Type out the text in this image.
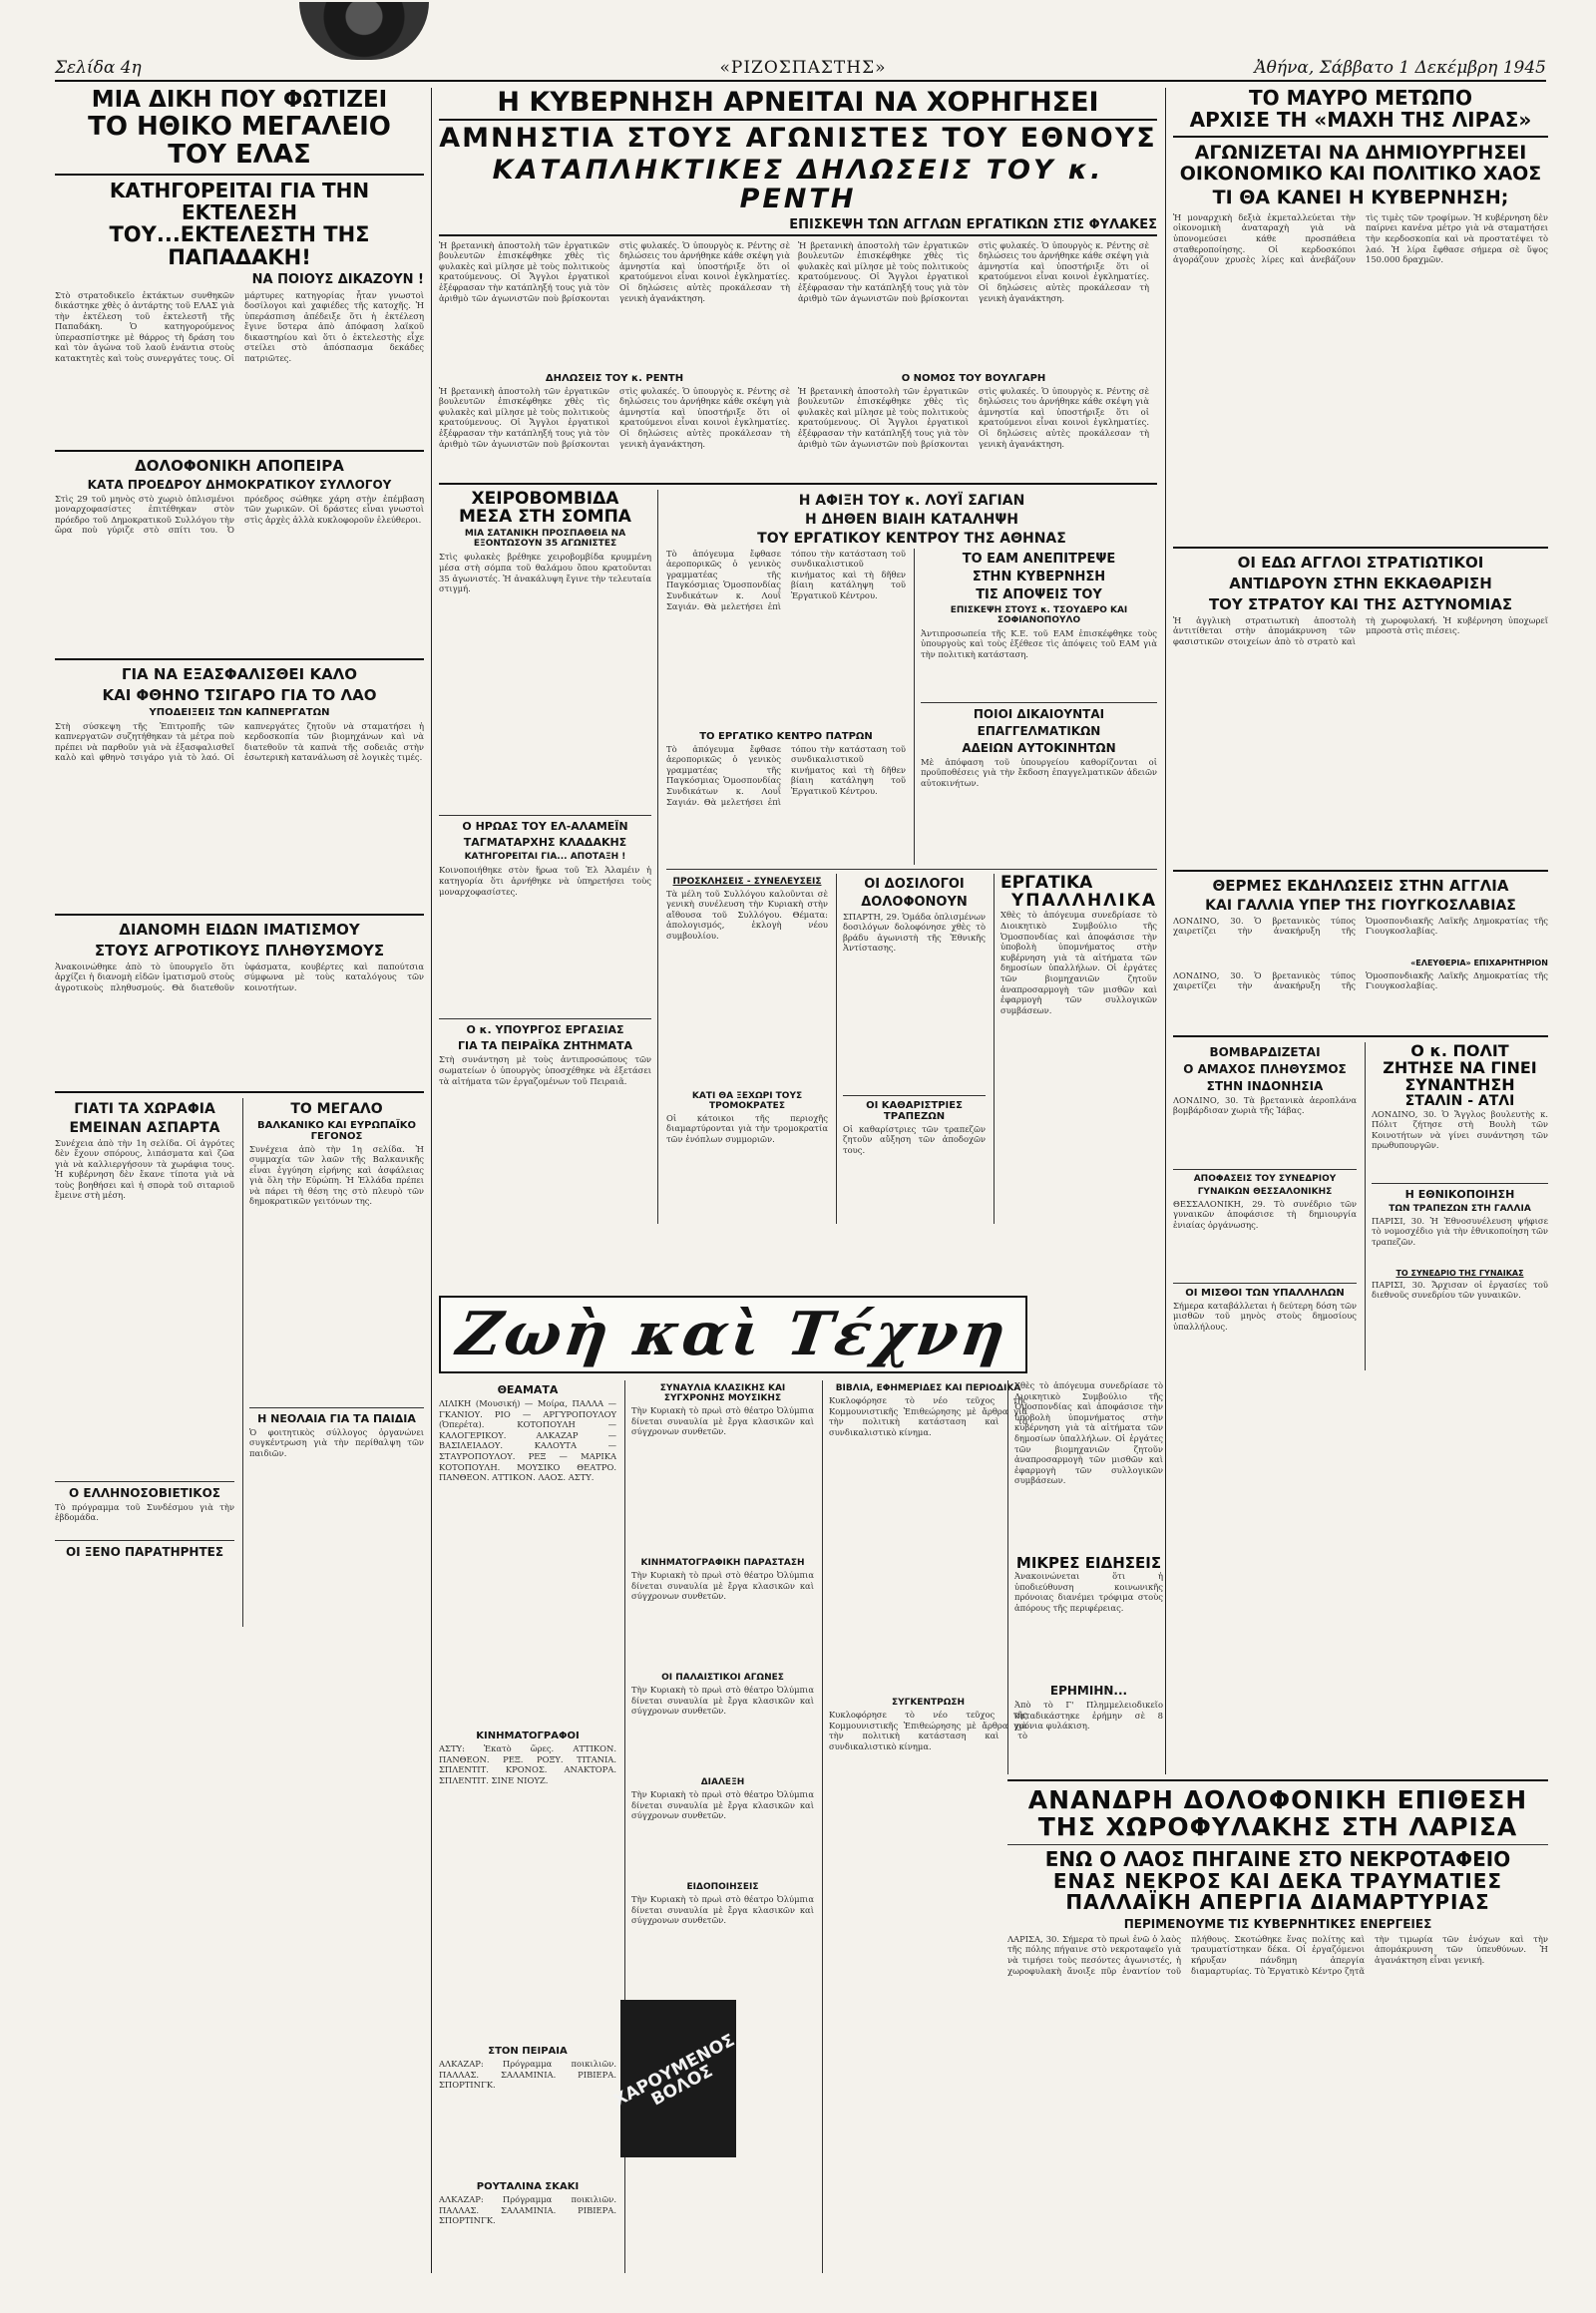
Σελίδα 4η	«ΡΙΖΟΣΠΑΣΤΗΣ»	Ἀθήνα, Σάββατο 1 Δεκέμβρη 1945
ΜΙΑ ΔΙΚΗ ΠΟΥ ΦΩΤΙΖΕΙ
ΤΟ ΗΘΙΚΟ ΜΕΓΑΛΕΙΟ ΤΟΥ ΕΛΑΣ
ΚΑΤΗΓΟΡΕΙΤΑΙ ΓΙΑ ΤΗΝ ΕΚΤΕΛΕΣΗ
ΤΟΥ...ΕΚΤΕΛΕΣΤΗ ΤΗΣ ΠΑΠΑΔΑΚΗ!
ΝΑ ΠΟΙΟΥΣ ΔΙΚΑΖΟΥΝ !
Στὸ στρατοδικεῖο ἐκτάκτων συνθηκῶν δικάστηκε χθὲς ὁ ἀντάρτης τοῦ ΕΛΑΣ γιὰ τὴν ἐκτέλεση τοῦ ἐκτελεστῆ τῆς Παπαδάκη. Ὁ κατηγορούμενος ὑπερασπίστηκε μὲ θάρρος τὴ δράση του καὶ τὸν ἀγώνα τοῦ λαοῦ ἐνάντια στοὺς κατακτητὲς καὶ τοὺς συνεργάτες τους. Οἱ μάρτυρες κατηγορίας ἦταν γνωστοὶ δοσίλογοι καὶ χαφιέδες τῆς κατοχῆς. Ἡ ὑπεράσπιση ἀπέδειξε ὅτι ἡ ἐκτέλεση ἔγινε ὕστερα ἀπὸ ἀπόφαση λαϊκοῦ δικαστηρίου καὶ ὅτι ὁ ἐκτελεστὴς εἶχε στείλει στὸ ἀπόσπασμα δεκάδες πατριῶτες.
ΔΟΛΟΦΟΝΙΚΗ ΑΠΟΠΕΙΡΑ
ΚΑΤΑ ΠΡΟΕΔΡΟΥ ΔΗΜΟΚΡΑΤΙΚΟΥ ΣΥΛΛΟΓΟΥ
Στὶς 29 τοῦ μηνὸς στὸ χωριὸ ὁπλισμένοι μοναρχοφασίστες ἐπιτέθηκαν στὸν πρόεδρο τοῦ Δημοκρατικοῦ Συλλόγου τὴν ὥρα ποὺ γύριζε στὸ σπίτι του. Ὁ πρόεδρος σώθηκε χάρη στὴν ἐπέμβαση τῶν χωρικῶν. Οἱ δράστες εἶναι γνωστοὶ στὶς ἀρχὲς ἀλλὰ κυκλοφοροῦν ἐλεύθεροι.
ΓΙΑ ΝΑ ΕΞΑΣΦΑΛΙΣΘΕΙ ΚΑΛΟ
ΚΑΙ ΦΘΗΝΟ ΤΣΙΓΑΡΟ ΓΙΑ ΤΟ ΛΑΟ
ΥΠΟΔΕΙΞΕΙΣ ΤΩΝ ΚΑΠΝΕΡΓΑΤΩΝ
Στὴ σύσκεψη τῆς Ἐπιτροπῆς τῶν καπνεργατῶν συζητήθηκαν τὰ μέτρα ποὺ πρέπει νὰ παρθοῦν γιὰ νὰ ἐξασφαλισθεῖ καλὸ καὶ φθηνὸ τσιγάρο γιὰ τὸ λαό. Οἱ καπνεργάτες ζητοῦν νὰ σταματήσει ἡ κερδοσκοπία τῶν βιομηχάνων καὶ νὰ διατεθοῦν τὰ καπνὰ τῆς σοδειᾶς στὴν ἐσωτερικὴ κατανάλωση σὲ λογικὲς τιμές.
ΔΙΑΝΟΜΗ ΕΙΔΩΝ ΙΜΑΤΙΣΜΟΥ
ΣΤΟΥΣ ΑΓΡΟΤΙΚΟΥΣ ΠΛΗΘΥΣΜΟΥΣ
Ἀνακοινώθηκε ἀπὸ τὸ ὑπουργεῖο ὅτι ἀρχίζει ἡ διανομὴ εἰδῶν ἱματισμοῦ στοὺς ἀγροτικοὺς πληθυσμούς. Θὰ διατεθοῦν ὑφάσματα, κουβέρτες καὶ παπούτσια σύμφωνα μὲ τοὺς καταλόγους τῶν κοινοτήτων.
ΓΙΑΤΙ ΤΑ ΧΩΡΑΦΙΑ
ΕΜΕΙΝΑΝ ΑΣΠΑΡΤΑ
Συνέχεια ἀπὸ τὴν 1η σελίδα. Οἱ ἀγρότες δὲν ἔχουν σπόρους, λιπάσματα καὶ ζῶα γιὰ νὰ καλλιεργήσουν τὰ χωράφια τους. Ἡ κυβέρνηση δὲν ἔκανε τίποτα γιὰ νὰ τοὺς βοηθήσει καὶ ἡ σπορὰ τοῦ σιταριοῦ ἔμεινε στὴ μέση.
Ο ΕΛΛΗΝΟΣΟΒΙΕΤΙΚΟΣ
Τὸ πρόγραμμα τοῦ Συνδέσμου γιὰ τὴν ἑβδομάδα.
ΟΙ ΞΕΝΟ ΠΑΡΑΤΗΡΗΤΕΣ
ΤΟ ΜΕΓΑΛΟ
ΒΑΛΚΑΝΙΚΟ ΚΑΙ ΕΥΡΩΠΑΪΚΟ ΓΕΓΟΝΟΣ
Συνέχεια ἀπὸ τὴν 1η σελίδα. Ἡ συμμαχία τῶν λαῶν τῆς Βαλκανικῆς εἶναι ἐγγύηση εἰρήνης καὶ ἀσφάλειας γιὰ ὅλη τὴν Εὐρώπη. Ἡ Ἑλλάδα πρέπει νὰ πάρει τὴ θέση της στὸ πλευρὸ τῶν δημοκρατικῶν γειτόνων της.
Η ΝΕΟΛΑΙΑ ΓΙΑ ΤΑ ΠΑΙΔΙΑ
Ὁ φοιτητικὸς σύλλογος ὀργανώνει συγκέντρωση γιὰ τὴν περίθαλψη τῶν παιδιῶν.
Η ΚΥΒΕΡΝΗΣΗ ΑΡΝΕΙΤΑΙ ΝΑ ΧΟΡΗΓΗΣΕΙ
ΑΜΝΗΣΤΙΑ ΣΤΟΥΣ ΑΓΩΝΙΣΤΕΣ ΤΟΥ ΕΘΝΟΥΣ
ΚΑΤΑΠΛΗΚΤΙΚΕΣ ΔΗΛΩΣΕΙΣ ΤΟΥ κ. ΡΕΝΤΗ
ΕΠΙΣΚΕΨΗ ΤΩΝ ΑΓΓΛΩΝ ΕΡΓΑΤΙΚΩΝ ΣΤΙΣ ΦΥΛΑΚΕΣ
Ἡ βρετανικὴ ἀποστολὴ τῶν ἐργατικῶν βουλευτῶν ἐπισκέφθηκε χθὲς τὶς φυλακὲς καὶ μίλησε μὲ τοὺς πολιτικοὺς κρατούμενους. Οἱ Ἄγγλοι ἐργατικοὶ ἐξέφρασαν τὴν κατάπληξή τους γιὰ τὸν ἀριθμὸ τῶν ἀγωνιστῶν ποὺ βρίσκονται στὶς φυλακές. Ὁ ὑπουργὸς κ. Ρέντης σὲ δηλώσεις του ἀρνήθηκε κάθε σκέψη γιὰ ἀμνηστία καὶ ὑποστήριξε ὅτι οἱ κρατούμενοι εἶναι κοινοὶ ἐγκληματίες. Οἱ δηλώσεις αὐτὲς προκάλεσαν τὴ γενικὴ ἀγανάκτηση.
ΔΗΛΩΣΕΙΣ ΤΟΥ κ. ΡΕΝΤΗ
Ἡ βρετανικὴ ἀποστολὴ τῶν ἐργατικῶν βουλευτῶν ἐπισκέφθηκε χθὲς τὶς φυλακὲς καὶ μίλησε μὲ τοὺς πολιτικοὺς κρατούμενους. Οἱ Ἄγγλοι ἐργατικοὶ ἐξέφρασαν τὴν κατάπληξή τους γιὰ τὸν ἀριθμὸ τῶν ἀγωνιστῶν ποὺ βρίσκονται στὶς φυλακές. Ὁ ὑπουργὸς κ. Ρέντης σὲ δηλώσεις του ἀρνήθηκε κάθε σκέψη γιὰ ἀμνηστία καὶ ὑποστήριξε ὅτι οἱ κρατούμενοι εἶναι κοινοὶ ἐγκληματίες. Οἱ δηλώσεις αὐτὲς προκάλεσαν τὴ γενικὴ ἀγανάκτηση.
Ἡ βρετανικὴ ἀποστολὴ τῶν ἐργατικῶν βουλευτῶν ἐπισκέφθηκε χθὲς τὶς φυλακὲς καὶ μίλησε μὲ τοὺς πολιτικοὺς κρατούμενους. Οἱ Ἄγγλοι ἐργατικοὶ ἐξέφρασαν τὴν κατάπληξή τους γιὰ τὸν ἀριθμὸ τῶν ἀγωνιστῶν ποὺ βρίσκονται στὶς φυλακές. Ὁ ὑπουργὸς κ. Ρέντης σὲ δηλώσεις του ἀρνήθηκε κάθε σκέψη γιὰ ἀμνηστία καὶ ὑποστήριξε ὅτι οἱ κρατούμενοι εἶναι κοινοὶ ἐγκληματίες. Οἱ δηλώσεις αὐτὲς προκάλεσαν τὴ γενικὴ ἀγανάκτηση.
Ο ΝΟΜΟΣ ΤΟΥ ΒΟΥΛΓΑΡΗ
Ἡ βρετανικὴ ἀποστολὴ τῶν ἐργατικῶν βουλευτῶν ἐπισκέφθηκε χθὲς τὶς φυλακὲς καὶ μίλησε μὲ τοὺς πολιτικοὺς κρατούμενους. Οἱ Ἄγγλοι ἐργατικοὶ ἐξέφρασαν τὴν κατάπληξή τους γιὰ τὸν ἀριθμὸ τῶν ἀγωνιστῶν ποὺ βρίσκονται στὶς φυλακές. Ὁ ὑπουργὸς κ. Ρέντης σὲ δηλώσεις του ἀρνήθηκε κάθε σκέψη γιὰ ἀμνηστία καὶ ὑποστήριξε ὅτι οἱ κρατούμενοι εἶναι κοινοὶ ἐγκληματίες. Οἱ δηλώσεις αὐτὲς προκάλεσαν τὴ γενικὴ ἀγανάκτηση.
ΧΕΙΡΟΒΟΜΒΙΔΑ
ΜΕΣΑ ΣΤΗ ΣΟΜΠΑ
ΜΙΑ ΣΑΤΑΝΙΚΗ ΠΡΟΣΠΑΘΕΙΑ ΝΑ ΕΞΟΝΤΩΣΟΥΝ 35 ΑΓΩΝΙΣΤΕΣ
Στὶς φυλακὲς βρέθηκε χειροβομβίδα κρυμμένη μέσα στὴ σόμπα τοῦ θαλάμου ὅπου κρατοῦνται 35 ἀγωνιστές. Ἡ ἀνακάλυψη ἔγινε τὴν τελευταία στιγμή.
Ο ΗΡΩΑΣ ΤΟΥ ΕΛ-ΑΛΑΜΕΪΝ
ΤΑΓΜΑΤΑΡΧΗΣ ΚΛΑΔΑΚΗΣ
ΚΑΤΗΓΟΡΕΙΤΑΙ ΓΙΑ... ΑΠΟΤΑΞΗ !
Κοινοποιήθηκε στὸν ἥρωα τοῦ Ἐλ Ἀλαμέιν ἡ κατηγορία ὅτι ἀρνήθηκε νὰ ὑπηρετήσει τοὺς μοναρχοφασίστες.
Ο κ. ΥΠΟΥΡΓΟΣ ΕΡΓΑΣΙΑΣ
ΓΙΑ ΤΑ ΠΕΙΡΑΪΚΑ ΖΗΤΗΜΑΤΑ
Στὴ συνάντηση μὲ τοὺς ἀντιπροσώπους τῶν σωματείων ὁ ὑπουργὸς ὑποσχέθηκε νὰ ἐξετάσει τὰ αἰτήματα τῶν ἐργαζομένων τοῦ Πειραιᾶ.
Η ΑΦΙΞΗ ΤΟΥ κ. ΛΟΥΪ ΣΑΓΙΑΝ
Η ΔΗΘΕΝ ΒΙΑΙΗ ΚΑΤΑΛΗΨΗ
ΤΟΥ ΕΡΓΑΤΙΚΟΥ ΚΕΝΤΡΟΥ ΤΗΣ ΑΘΗΝΑΣ
Τὸ ἀπόγευμα ἔφθασε ἀεροπορικῶς ὁ γενικὸς γραμματέας τῆς Παγκόσμιας Ὁμοσπονδίας Συνδικάτων κ. Λουΐ Σαγιάν. Θὰ μελετήσει ἐπὶ τόπου τὴν κατάσταση τοῦ συνδικαλιστικοῦ κινήματος καὶ τὴ δῆθεν βίαιη κατάληψη τοῦ Ἐργατικοῦ Κέντρου.
ΤΟ ΕΡΓΑΤΙΚΟ ΚΕΝΤΡΟ ΠΑΤΡΩΝ
Τὸ ἀπόγευμα ἔφθασε ἀεροπορικῶς ὁ γενικὸς γραμματέας τῆς Παγκόσμιας Ὁμοσπονδίας Συνδικάτων κ. Λουΐ Σαγιάν. Θὰ μελετήσει ἐπὶ τόπου τὴν κατάσταση τοῦ συνδικαλιστικοῦ κινήματος καὶ τὴ δῆθεν βίαιη κατάληψη τοῦ Ἐργατικοῦ Κέντρου.
ΤΟ ΕΑΜ ΑΝΕΠΙΤΡΕΨΕ
ΣΤΗΝ ΚΥΒΕΡΝΗΣΗ
ΤΙΣ ΑΠΟΨΕΙΣ ΤΟΥ
ΕΠΙΣΚΕΨΗ ΣΤΟΥΣ κ. ΤΣΟΥΔΕΡΟ ΚΑΙ ΣΟΦΙΑΝΟΠΟΥΛΟ
Ἀντιπροσωπεία τῆς Κ.Ε. τοῦ ΕΑΜ ἐπισκέφθηκε τοὺς ὑπουργοὺς καὶ τοὺς ἐξέθεσε τὶς ἀπόψεις τοῦ ΕΑΜ γιὰ τὴν πολιτικὴ κατάσταση.
ΠΟΙΟΙ ΔΙΚΑΙΟΥΝΤΑΙ
ΕΠΑΓΓΕΛΜΑΤΙΚΩΝ
ΑΔΕΙΩΝ ΑΥΤΟΚΙΝΗΤΩΝ
Μὲ ἀπόφαση τοῦ ὑπουργείου καθορίζονται οἱ προϋποθέσεις γιὰ τὴν ἔκδοση ἐπαγγελματικῶν ἀδειῶν αὐτοκινήτων.
ΠΡΟΣΚΛΗΣΕΙΣ - ΣΥΝΕΛΕΥΣΕΙΣ
Τὰ μέλη τοῦ Συλλόγου καλοῦνται σὲ γενικὴ συνέλευση τὴν Κυριακὴ στὴν αἴθουσα τοῦ Συλλόγου. Θέματα: ἀπολογισμός, ἐκλογὴ νέου συμβουλίου.
ΚΑΤΙ ΘΑ ΞΕΧΩΡΙ ΤΟΥΣ ΤΡΟΜΟΚΡΑΤΕΣ
Οἱ κάτοικοι τῆς περιοχῆς διαμαρτύρονται γιὰ τὴν τρομοκρατία τῶν ἐνόπλων συμμοριῶν.
ΟΙ ΔΟΣΙΛΟΓΟΙ
ΔΟΛΟΦΟΝΟΥΝ
ΣΠΑΡΤΗ, 29. Ὁμάδα ὁπλισμένων δοσιλόγων δολοφόνησε χθὲς τὸ βράδυ ἀγωνιστὴ τῆς Ἐθνικῆς Ἀντίστασης.
ΟΙ ΚΑΘΑΡΙΣΤΡΙΕΣ ΤΡΑΠΕΖΩΝ
Οἱ καθαρίστριες τῶν τραπεζῶν ζητοῦν αὔξηση τῶν ἀποδοχῶν τους.
ΕΡΓΑΤΙΚΑ
ΥΠΑΛΛΗΛΙΚΑ
Χθὲς τὸ ἀπόγευμα συνεδρίασε τὸ Διοικητικὸ Συμβούλιο τῆς Ὁμοσπονδίας καὶ ἀποφάσισε τὴν ὑποβολὴ ὑπομνήματος στὴν κυβέρνηση γιὰ τὰ αἰτήματα τῶν δημοσίων ὑπαλλήλων. Οἱ ἐργάτες τῶν βιομηχανιῶν ζητοῦν ἀναπροσαρμογὴ τῶν μισθῶν καὶ ἐφαρμογὴ τῶν συλλογικῶν συμβάσεων.
Ζωὴ καὶ Τέχνη
ΘΕΑΜΑΤΑ
ΛΙΛΙΚΗ (Μουσική) — Μοίρα, ΠΑΛΛΑ — ΓΚΑΝΙΟΥ. ΡΙΟ — ΑΡΓΥΡΟΠΟΥΛΟΥ (Ὀπερέτα). ΚΟΤΟΠΟΥΛΗ — ΚΑΛΟΓΕΡΙΚΟΥ. ΑΛΚΑΖΑΡ — ΒΑΣΙΛΕΙΑΔΟΥ. ΚΑΛΟΥΤΑ — ΣΤΑΥΡΟΠΟΥΛΟΥ. ΡΕΞ — ΜΑΡΙΚΑ ΚΟΤΟΠΟΥΛΗ. ΜΟΥΣΙΚΟ ΘΕΑΤΡΟ. ΠΑΝΘΕΟΝ. ΑΤΤΙΚΟΝ. ΛΑΟΣ. ΑΣΤΥ.
ΚΙΝΗΜΑΤΟΓΡΑΦΟΙ
ΑΣΤΥ: Ἑκατὸ ὥρες. ΑΤΤΙΚΟΝ. ΠΑΝΘΕΟΝ. ΡΕΞ. ΡΟΞΥ. ΤΙΤΑΝΙΑ. ΣΠΛΕΝΤΙΤ. ΚΡΟΝΟΣ. ΑΝΑΚΤΟΡΑ. ΣΠΛΕΝΤΙΤ. ΣΙΝΕ ΝΙΟΥΖ.
ΣΤΟΝ ΠΕΙΡΑΙΑ
ΑΛΚΑΖΑΡ: Πρόγραμμα ποικιλιῶν. ΠΑΛΛΑΣ. ΣΑΛΑΜΙΝΙΑ. ΡΙΒΙΕΡΑ. ΣΠΟΡΤΙΝΓΚ.
ΡΟΥΤΑΛΙΝΑ ΣΚΑΚΙ
ΑΛΚΑΖΑΡ: Πρόγραμμα ποικιλιῶν. ΠΑΛΛΑΣ. ΣΑΛΑΜΙΝΙΑ. ΡΙΒΙΕΡΑ. ΣΠΟΡΤΙΝΓΚ.
ΣΥΝΑΥΛΙΑ ΚΛΑΣΙΚΗΣ ΚΑΙ ΣΥΓΧΡΟΝΗΣ ΜΟΥΣΙΚΗΣ
Τὴν Κυριακὴ τὸ πρωὶ στὸ θέατρο Ὀλύμπια δίνεται συναυλία μὲ ἔργα κλασικῶν καὶ σύγχρονων συνθετῶν.
ΚΙΝΗΜΑΤΟΓΡΑΦΙΚΗ ΠΑΡΑΣΤΑΣΗ
Τὴν Κυριακὴ τὸ πρωὶ στὸ θέατρο Ὀλύμπια δίνεται συναυλία μὲ ἔργα κλασικῶν καὶ σύγχρονων συνθετῶν.
ΟΙ ΠΑΛΑΙΣΤΙΚΟΙ ΑΓΩΝΕΣ
Τὴν Κυριακὴ τὸ πρωὶ στὸ θέατρο Ὀλύμπια δίνεται συναυλία μὲ ἔργα κλασικῶν καὶ σύγχρονων συνθετῶν.
ΔΙΑΛΕΞΗ
Τὴν Κυριακὴ τὸ πρωὶ στὸ θέατρο Ὀλύμπια δίνεται συναυλία μὲ ἔργα κλασικῶν καὶ σύγχρονων συνθετῶν.
ΕΙΔΟΠΟΙΗΣΕΙΣ
Τὴν Κυριακὴ τὸ πρωὶ στὸ θέατρο Ὀλύμπια δίνεται συναυλία μὲ ἔργα κλασικῶν καὶ σύγχρονων συνθετῶν.
ΒΙΒΛΙΑ, ΕΦΗΜΕΡΙΔΕΣ ΚΑΙ ΠΕΡΙΟΔΙΚΑ
Κυκλοφόρησε τὸ νέο τεῦχος τῆς Κομμουνιστικῆς Ἐπιθεώρησης μὲ ἄρθρα γιὰ τὴν πολιτικὴ κατάσταση καὶ τὸ συνδικαλιστικὸ κίνημα.
ΣΥΓΚΕΝΤΡΩΣΗ
Κυκλοφόρησε τὸ νέο τεῦχος τῆς Κομμουνιστικῆς Ἐπιθεώρησης μὲ ἄρθρα γιὰ τὴν πολιτικὴ κατάσταση καὶ τὸ συνδικαλιστικὸ κίνημα.
ΧΑΡΟΥΜΕΝΟΣ ΒΟΛΟΣ
ΤΟ ΜΑΥΡΟ ΜΕΤΩΠΟ
ΑΡΧΙΣΕ ΤΗ «ΜΑΧΗ ΤΗΣ ΛΙΡΑΣ»
ΑΓΩΝΙΖΕΤΑΙ ΝΑ ΔΗΜΙΟΥΡΓΗΣΕΙ
ΟΙΚΟΝΟΜΙΚΟ ΚΑΙ ΠΟΛΙΤΙΚΟ ΧΑΟΣ
ΤΙ ΘΑ ΚΑΝΕΙ Η ΚΥΒΕΡΝΗΣΗ;
Ἡ μοναρχικὴ δεξιὰ ἐκμεταλλεύεται τὴν οἰκονομικὴ ἀναταραχὴ γιὰ νὰ ὑπονομεύσει κάθε προσπάθεια σταθεροποίησης. Οἱ κερδοσκόποι ἀγοράζουν χρυσὲς λίρες καὶ ἀνεβάζουν τὶς τιμὲς τῶν τροφίμων. Ἡ κυβέρνηση δὲν παίρνει κανένα μέτρο γιὰ νὰ σταματήσει τὴν κερδοσκοπία καὶ νὰ προστατέψει τὸ λαό. Ἡ λίρα ἔφθασε σήμερα σὲ ὕψος 150.000 δραχμῶν.
ΟΙ ΕΔΩ ΑΓΓΛΟΙ ΣΤΡΑΤΙΩΤΙΚΟΙ
ΑΝΤΙΔΡΟΥΝ ΣΤΗΝ ΕΚΚΑΘΑΡΙΣΗ
ΤΟΥ ΣΤΡΑΤΟΥ ΚΑΙ ΤΗΣ ΑΣΤΥΝΟΜΙΑΣ
Ἡ ἀγγλικὴ στρατιωτικὴ ἀποστολὴ ἀντιτίθεται στὴν ἀπομάκρυνση τῶν φασιστικῶν στοιχείων ἀπὸ τὸ στρατὸ καὶ τὴ χωροφυλακή. Ἡ κυβέρνηση ὑποχωρεῖ μπροστὰ στὶς πιέσεις.
ΘΕΡΜΕΣ ΕΚΔΗΛΩΣΕΙΣ ΣΤΗΝ ΑΓΓΛΙΑ
ΚΑΙ ΓΑΛΛΙΑ ΥΠΕΡ ΤΗΣ ΓΙΟΥΓΚΟΣΛΑΒΙΑΣ
ΛΟΝΔΙΝΟ, 30. Ὁ βρετανικὸς τύπος χαιρετίζει τὴν ἀνακήρυξη τῆς Ὁμοσπονδιακῆς Λαϊκῆς Δημοκρατίας τῆς Γιουγκοσλαβίας.
«ΕΛΕΥΘΕΡΙΑ» ΕΠΙΧΑΡΗΤΗΡΙΟΝ
ΛΟΝΔΙΝΟ, 30. Ὁ βρετανικὸς τύπος χαιρετίζει τὴν ἀνακήρυξη τῆς Ὁμοσπονδιακῆς Λαϊκῆς Δημοκρατίας τῆς Γιουγκοσλαβίας.
ΒΟΜΒΑΡΔΙΖΕΤΑΙ
Ο ΑΜΑΧΟΣ ΠΛΗΘΥΣΜΟΣ
ΣΤΗΝ ΙΝΔΟΝΗΣΙΑ
ΛΟΝΔΙΝΟ, 30. Τὰ βρετανικὰ ἀεροπλάνα βομβάρδισαν χωριὰ τῆς Ἰάβας.
ΑΠΟΦΑΣΕΙΣ ΤΟΥ ΣΥΝΕΔΡΙΟΥ
ΓΥΝΑΙΚΩΝ ΘΕΣΣΑΛΟΝΙΚΗΣ
ΘΕΣΣΑΛΟΝΙΚΗ, 29. Τὸ συνέδριο τῶν γυναικῶν ἀποφάσισε τὴ δημιουργία ἑνιαίας ὀργάνωσης.
ΟΙ ΜΙΣΘΟΙ ΤΩΝ ΥΠΑΛΛΗΛΩΝ
Σήμερα καταβάλλεται ἡ δεύτερη δόση τῶν μισθῶν τοῦ μηνὸς στοὺς δημοσίους ὑπαλλήλους.
Ο κ. ΠΟΛΙΤ
ΖΗΤΗΣΕ ΝΑ ΓΙΝΕΙ
ΣΥΝΑΝΤΗΣΗ
ΣΤΑΛΙΝ - ΑΤΛΙ
ΛΟΝΔΙΝΟ, 30. Ὁ Ἄγγλος βουλευτὴς κ. Πόλιτ ζήτησε στὴ Βουλὴ τῶν Κοινοτήτων νὰ γίνει συνάντηση τῶν πρωθυπουργῶν.
Η ΕΘΝΙΚΟΠΟΙΗΣΗ
ΤΩΝ ΤΡΑΠΕΖΩΝ ΣΤΗ ΓΑΛΛΙΑ
ΠΑΡΙΣΙ, 30. Ἡ Ἐθνοσυνέλευση ψήφισε τὸ νομοσχέδιο γιὰ τὴν ἐθνικοποίηση τῶν τραπεζῶν.
ΤΟ ΣΥΝΕΔΡΙΟ ΤΗΣ ΓΥΝΑΙΚΑΣ
ΠΑΡΙΣΙ, 30. Ἄρχισαν οἱ ἐργασίες τοῦ διεθνοῦς συνεδρίου τῶν γυναικῶν.
Χθὲς τὸ ἀπόγευμα συνεδρίασε τὸ Διοικητικὸ Συμβούλιο τῆς Ὁμοσπονδίας καὶ ἀποφάσισε τὴν ὑποβολὴ ὑπομνήματος στὴν κυβέρνηση γιὰ τὰ αἰτήματα τῶν δημοσίων ὑπαλλήλων. Οἱ ἐργάτες τῶν βιομηχανιῶν ζητοῦν ἀναπροσαρμογὴ τῶν μισθῶν καὶ ἐφαρμογὴ τῶν συλλογικῶν συμβάσεων.
ΜΙΚΡΕΣ ΕΙΔΗΣΕΙΣ
Ἀνακοινώνεται ὅτι ἡ ὑποδιεύθυνση κοινωνικῆς πρόνοιας διανέμει τρόφιμα στοὺς ἀπόρους τῆς περιφέρειας.
ΕΡΗΜΙΗΝ...
Ἀπὸ τὸ Γ' Πλημμελειοδικεῖο καταδικάστηκε ἐρήμην σὲ 8 χρόνια φυλάκιση.
ΑΝΑΝΔΡΗ ΔΟΛΟΦΟΝΙΚΗ ΕΠΙΘΕΣΗ
ΤΗΣ ΧΩΡΟΦΥΛΑΚΗΣ ΣΤΗ ΛΑΡΙΣΑ
ΕΝΩ Ο ΛΑΟΣ ΠΗΓΑΙΝΕ ΣΤΟ ΝΕΚΡΟΤΑΦΕΙΟ
ΕΝΑΣ ΝΕΚΡΟΣ ΚΑΙ ΔΕΚΑ ΤΡΑΥΜΑΤΙΕΣ
ΠΑΛΛΑΪΚΗ ΑΠΕΡΓΙΑ ΔΙΑΜΑΡΤΥΡΙΑΣ
ΠΕΡΙΜΕΝΟΥΜΕ ΤΙΣ ΚΥΒΕΡΝΗΤΙΚΕΣ ΕΝΕΡΓΕΙΕΣ
ΛΑΡΙΣΑ, 30. Σήμερα τὸ πρωὶ ἐνῶ ὁ λαὸς τῆς πόλης πήγαινε στὸ νεκροταφεῖο γιὰ νὰ τιμήσει τοὺς πεσόντες ἀγωνιστές, ἡ χωροφυλακὴ ἄνοιξε πῦρ ἐναντίον τοῦ πλήθους. Σκοτώθηκε ἕνας πολίτης καὶ τραυματίστηκαν δέκα. Οἱ ἐργαζόμενοι κήρυξαν πάνδημη ἀπεργία διαμαρτυρίας. Τὸ Ἐργατικὸ Κέντρο ζητᾶ τὴν τιμωρία τῶν ἐνόχων καὶ τὴν ἀπομάκρυνση τῶν ὑπευθύνων. Ἡ ἀγανάκτηση εἶναι γενική.
